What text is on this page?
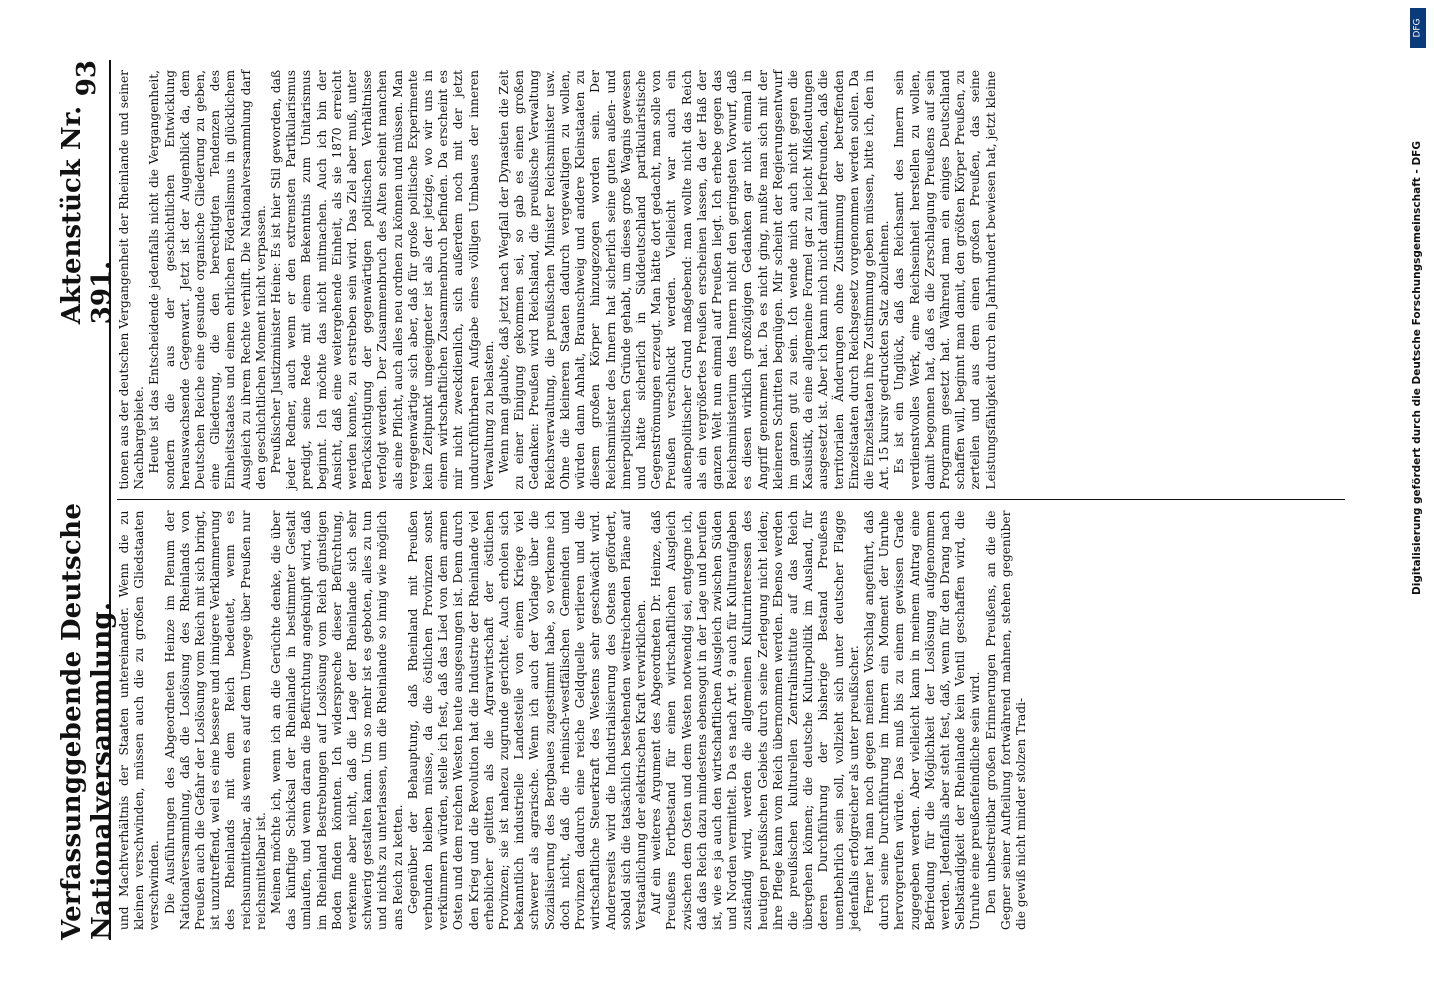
Verfassunggebende Deutsche Nationalversammlung.
Aktenstück Nr. 391.
93

und Machtverhältnis der Staaten untereinander. Wenn die zu kleinen verschwinden, müssen auch die zu großen Gliedstaaten verschwinden. Die Ausführungen des Abgeordneten Heinze im Plenum der Nationalversammlung, daß die Loslösung des Rheinlands von Preußen auch die Gefahr der Loslösung vom Reich mit sich bringt, ist unzutreffend, weil es eine bessere und innigere Verklammerung des Rheinlands mit dem Reich bedeutet, wenn es reichsunmittelbar, als wenn es auf dem Umwege über Preußen nur reichsmittelbar ist. Meinen möchte ich, wenn ich an die Gerüchte denke, die über das künftige Schicksal der Rheinlande in bestimmter Gestalt umlaufen, und wenn daran die Befürchtung angeknüpft wird, daß im Rheinland Bestrebungen auf Loslösung vom Reich günstigen Boden finden könnten. Ich widerspreche dieser Befürchtung, verkenne aber nicht, daß die Lage der Rheinlande sich sehr schwierig gestalten kann. Um so mehr ist es geboten, alles zu tun und nichts zu unterlassen, um die Rheinlande so innig wie möglich ans Reich zu ketten. Gegenüber der Behauptung, daß Rheinland mit Preußen verbunden bleiben müsse, da die östlichen Provinzen sonst verkümmern würden, stelle ich fest, daß das Lied von dem armen Osten und dem reichen Westen heute ausgesungen ist. Denn durch den Krieg und die Revolution hat die Industrie der Rheinlande viel erheblicher gelitten als die Agrarwirtschaft der östlichen Provinzen; sie ist nahezu zugrunde gerichtet. Auch erholen sich bekanntlich industrielle Landesteile von einem Kriege viel schwerer als agrarische. Wenn ich auch der Vorlage über die Sozialisierung des Bergbaues zugestimmt habe, so verkenne ich doch nicht, daß die rheinisch-westfälischen Gemeinden und Provinzen dadurch eine reiche Geldquelle verlieren und die wirtschaftliche Steuerkraft des Westens sehr geschwächt wird. Andererseits wird die Industrialisierung des Ostens gefördert, sobald sich die tatsächlich bestehenden weitreichenden Pläne auf Verstaatlichung der elektrischen Kraft verwirklichen. Auf ein weiteres Argument des Abgeordneten Dr. Heinze, daß Preußens Fortbestand für einen wirtschaftlichen Ausgleich zwischen dem Osten und dem Westen notwendig sei, entgegne ich, daß das Reich dazu mindestens ebensogut in der Lage und berufen ist, wie es ja auch den wirtschaftlichen Ausgleich zwischen Süden und Norden vermittelt. Da es nach Art. 9 auch für Kulturaufgaben zuständig wird, werden die allgemeinen Kulturinteressen des heutigen preußischen Gebiets durch seine Zerlegung nicht leiden; ihre Pflege kann vom Reich übernommen werden. Ebenso werden die preußischen kulturellen Zentralinstitute auf das Reich übergehen können; die deutsche Kulturpolitik im Ausland, für deren Durchführung der bisherige Bestand Preußens unentbehrlich sein soll, vollzieht sich unter deutscher Flagge jedenfalls erfolgreicher als unter preußischer. Ferner hat man noch gegen meinen Vorschlag angeführt, daß durch seine Durchführung im Innern ein Moment der Unruhe hervorgerufen würde. Das muß bis zu einem gewissen Grade zugegeben werden. Aber vielleicht kann in meinem Antrag eine Befriedung für die Möglichkeit der Loslösung aufgenommen werden. Jedenfalls aber steht fest, daß, wenn für den Drang nach Selbständigkeit der Rheinlande kein Ventil geschaffen wird, die Unruhe eine preußenfeindliche sein wird. Den unbestreitbar großen Erinnerungen Preußens, an die die Gegner seiner Aufteilung fortwährend mahnen, stehen gegenüber die gewiß nicht minder stolzen Tradi-

tionen aus der deutschen Vergangenheit der Rheinlande und seiner Nachbargebiete. Heute ist das Entscheidende jedenfalls nicht die Vergangenheit, sondern die aus der geschichtlichen Entwicklung herauswachsende Gegenwart. Jetzt ist der Augenblick da, dem Deutschen Reiche eine gesunde organische Gliederung zu geben, eine Gliederung, die den berechtigten Tendenzen des Einheitsstaates und einem ehrlichen Föderalismus in glücklichem Ausgleich zu ihrem Rechte verhilft. Die Nationalversammlung darf den geschichtlichen Moment nicht verpassen. Preußischer Justizminister Heine: Es ist hier Stil geworden, daß jeder Redner, auch wenn er den extremsten Partikularismus predigt, seine Rede mit einem Bekenntnis zum Unitarismus beginnt. Ich möchte das nicht mitmachen. Auch ich bin der Ansicht, daß eine weitergehende Einheit, als sie 1870 erreicht werden konnte, zu erstreben sein wird. Das Ziel aber muß, unter Berücksichtigung der gegenwärtigen politischen Verhältnisse verfolgt werden. Der Zusammenbruch des Alten scheint manchen als eine Pflicht, auch alles neu ordnen zu können und müssen. Man vergegenwärtige sich aber, daß für große politische Experimente kein Zeitpunkt ungeeigneter ist als der jetzige, wo wir uns in einem wirtschaftlichen Zusammenbruch befinden. Da erscheint es mir nicht zweckdienlich, sich außerdem noch mit der jetzt undurchführbaren Aufgabe eines völligen Umbaues der inneren Verwaltung zu belasten. Wenn man glaubte, daß jetzt nach Wegfall der Dynastien die Zeit zu einer Einigung gekommen sei, so gab es einen großen Gedanken: Preußen wird Reichsland, die preußische Verwaltung Reichsverwaltung, die preußischen Minister Reichsminister usw. Ohne die kleineren Staaten dadurch vergewaltigen zu wollen, würden dann Anhalt, Braunschweig und andere Kleinstaaten zu diesem großen Körper hinzugezogen worden sein. Der Reichsminister des Innern hat sicherlich seine guten außen- und innerpolitischen Gründe gehabt, um dieses große Wagnis gewesen und hätte sicherlich in Süddeutschland partikularistische Gegenströmungen erzeugt. Man hätte dort gedacht, man solle von Preußen verschluckt werden. Vielleicht war auch ein außenpolitischer Grund maßgebend: man wollte nicht das Reich als ein vergrößertes Preußen erscheinen lassen, da der Haß der ganzen Welt nun einmal auf Preußen liegt. Ich erhebe gegen das Reichsministerium des Innern nicht den geringsten Vorwurf, daß es diesen wirklich großzügigen Gedanken gar nicht einmal in Angriff genommen hat. Da es nicht ging, mußte man sich mit der kleineren Schritten begnügen. Mir scheint der Regierungsentwurf im ganzen gut zu sein. Ich wende mich auch nicht gegen die Kasuistik, da eine allgemeine Formel gar zu leicht Mißdeutungen ausgesetzt ist. Aber ich kann mich nicht damit befreunden, daß die territorialen Änderungen ohne Zustimmung der betreffenden Einzelstaaten durch Reichsgesetz vorgenommen werden sollen. Da die Einzelstaaten ihre Zustimmung geben müssen, bitte ich, den in Art. 15 kursiv gedruckten Satz abzulehnen. Es ist ein Unglück, daß das Reichsamt des Innern sein verdienstvolles Werk, eine Reichseinheit herstellen zu wollen, damit begonnen hat, daß es die Zerschlagung Preußens auf sein Programm gesetzt hat. Während man ein einiges Deutschland schaffen will, beginnt man damit, den größten Körper Preußen, zu zerteilen und aus dem einen großen Preußen, das seine Leistungsfähigkeit durch ein Jahrhundert bewiesen hat, jetzt kleine

DFG
Digitalisierung gefördert durch die Deutsche Forschungsgemeinschaft - DFG
